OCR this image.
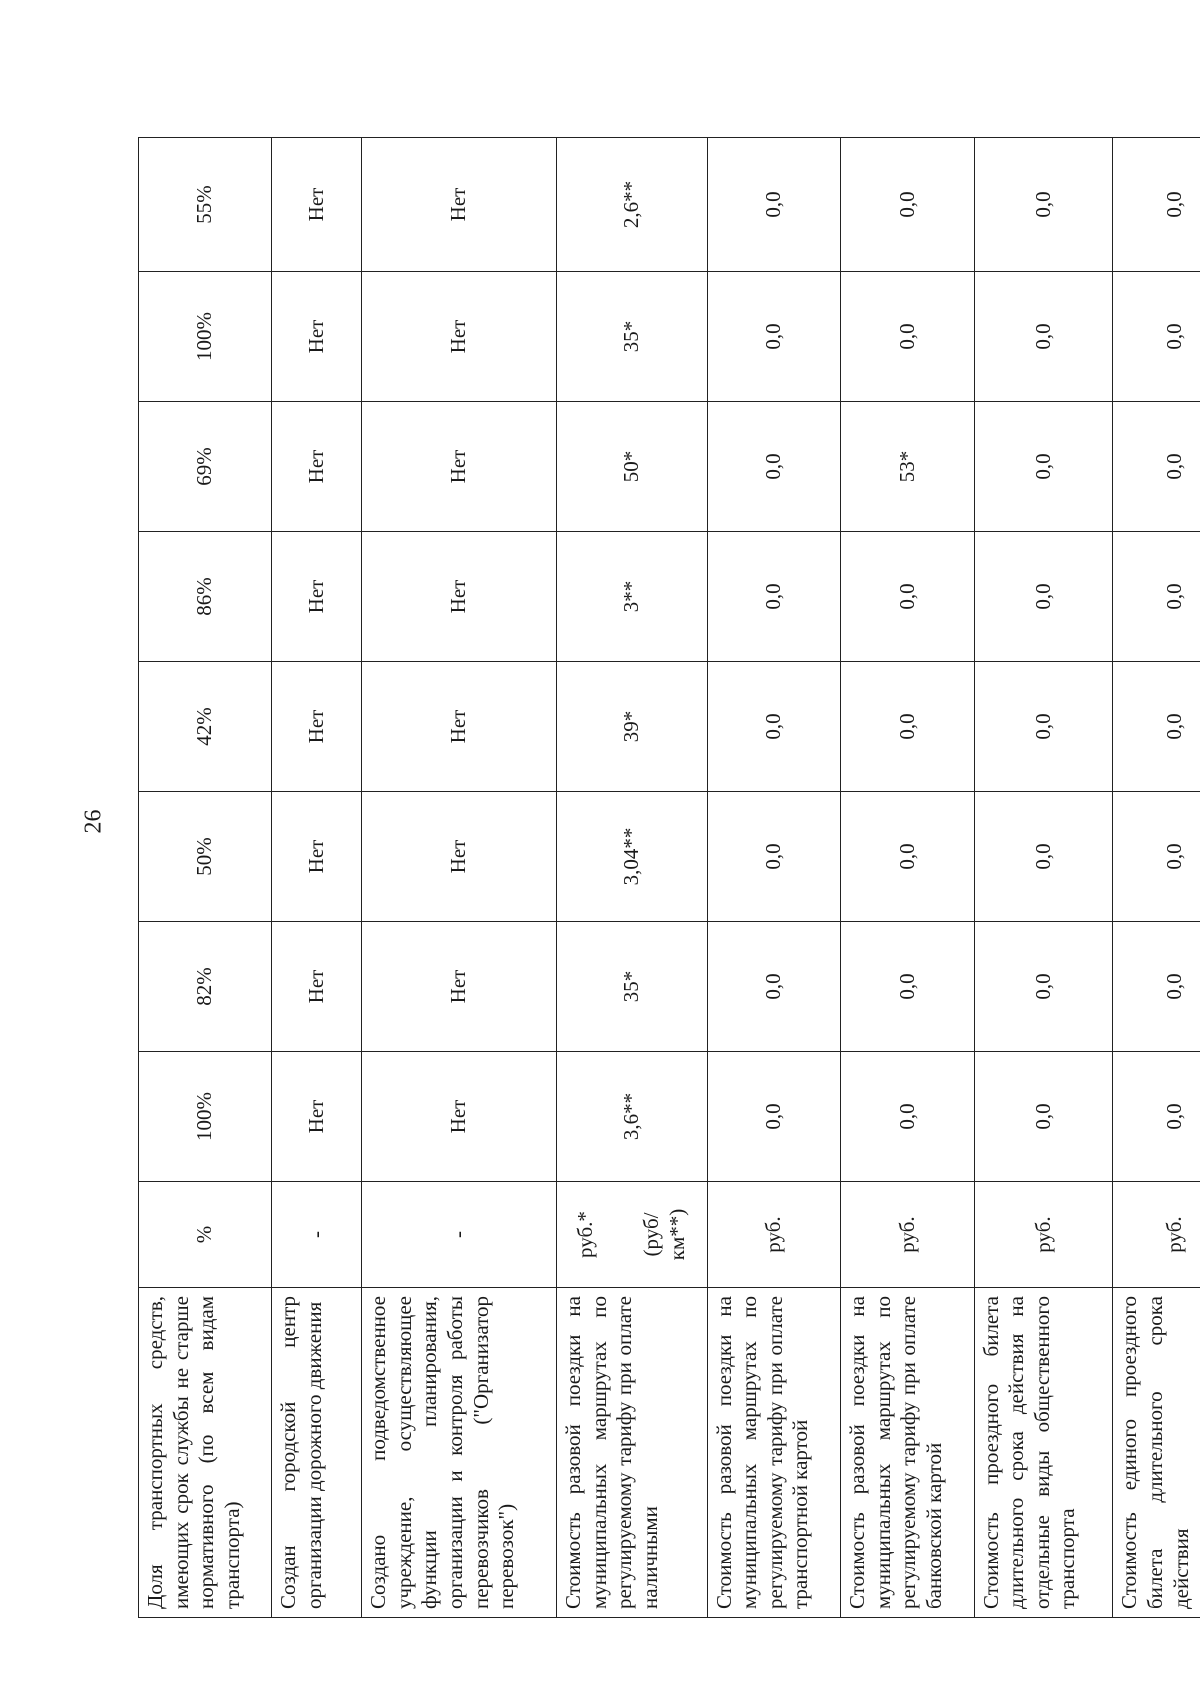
26
Доля транспортных средств, имеющих срок службы не старше нормативного (по всем видам транспорта)	%	100%	82%	50%	42%	86%	69%	100%	55%
Создан городской центр организации дорожного движения	-	Нет	Нет	Нет	Нет	Нет	Нет	Нет	Нет
Создано подведомственное учреждение, осуществляющее функции планирования, организации и контроля работы перевозчиков ("Организатор перевозок")	-	Нет	Нет	Нет	Нет	Нет	Нет	Нет	Нет
Стоимость разовой поездки на муниципальных маршрутах по регулируемому тарифу при оплате наличными	руб.* (руб/км**)	3,6**	35*	3,04**	39*	3**	50*	35*	2,6**
Стоимость разовой поездки на муниципальных маршрутах по регулируемому тарифу при оплате транспортной картой	руб.	0,0	0,0	0,0	0,0	0,0	0,0	0,0	0,0
Стоимость разовой поездки на муниципальных маршрутах по регулируемому тарифу при оплате банковской картой	руб.	0,0	0,0	0,0	0,0	0,0	53*	0,0	0,0
Стоимость проездного билета длительного срока действия на отдельные виды общественного транспорта	руб.	0,0	0,0	0,0	0,0	0,0	0,0	0,0	0,0
Стоимость единого проездного билета длительного срока действия	руб.	0,0	0,0	0,0	0,0	0,0	0,0	0,0	0,0
